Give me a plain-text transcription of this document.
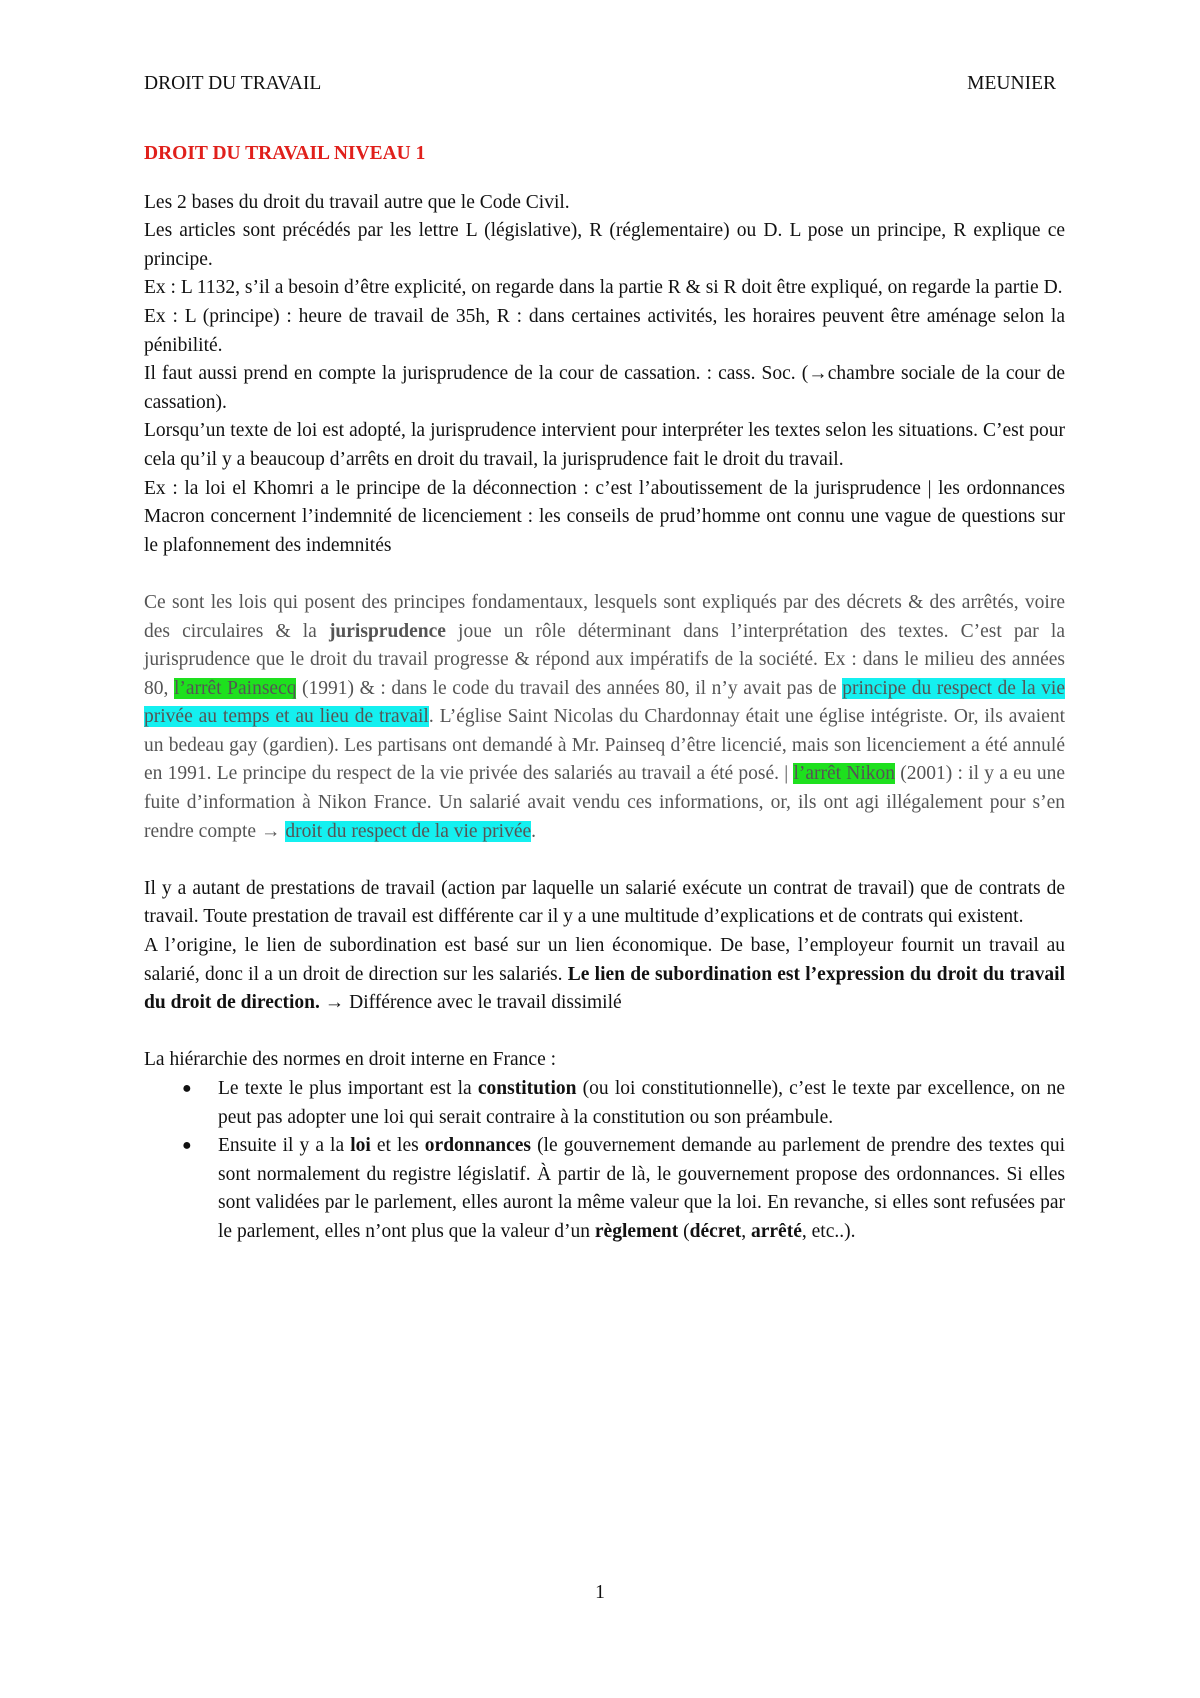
DROIT DU TRAVAIL	MEUNIER
DROIT DU TRAVAIL NIVEAU 1

Les 2 bases du droit du travail autre que le Code Civil.

Les articles sont précédés par les lettre L (législative), R (réglementaire) ou D. L pose un principe, R explique ce principe.

Ex : L 1132, s’il a besoin d’être explicité, on regarde dans la partie R & si R doit être expliqué, on regarde la partie D.

Ex : L (principe) : heure de travail de 35h, R : dans certaines activités, les horaires peuvent être aménage selon la pénibilité.

Il faut aussi prend en compte la jurisprudence de la cour de cassation. : cass. Soc. (→chambre sociale de la cour de cassation).

Lorsqu’un texte de loi est adopté, la jurisprudence intervient pour interpréter les textes selon les situations. C’est pour cela qu’il y a beaucoup d’arrêts en droit du travail, la jurisprudence fait le droit du travail.

Ex : la loi el Khomri a le principe de la déconnection : c’est l’aboutissement de la jurisprudence | les ordonnances Macron concernent l’indemnité de licenciement : les conseils de prud’homme ont connu une vague de questions sur le plafonnement des indemnités

Ce sont les lois qui posent des principes fondamentaux, lesquels sont expliqués par des décrets & des arrêtés, voire des circulaires & la jurisprudence joue un rôle déterminant dans l’interprétation des textes. C’est par la jurisprudence que le droit du travail progresse & répond aux impératifs de la société. Ex : dans le milieu des années 80, l’arrêt Painsecq (1991) & : dans le code du travail des années 80, il n’y avait pas de principe du respect de la vie privée au temps et au lieu de travail. L’église Saint Nicolas du Chardonnay était une église intégriste. Or, ils avaient un bedeau gay (gardien). Les partisans ont demandé à Mr. Painseq d’être licencié, mais son licenciement a été annulé en 1991. Le principe du respect de la vie privée des salariés au travail a été posé. | l’arrêt Nikon (2001) : il y a eu une fuite d’information à Nikon France. Un salarié avait vendu ces informations, or, ils ont agi illégalement pour s’en rendre compte → droit du respect de la vie privée.

Il y a autant de prestations de travail (action par laquelle un salarié exécute un contrat de travail) que de contrats de travail. Toute prestation de travail est différente car il y a une multitude d’explications et de contrats qui existent.

A l’origine, le lien de subordination est basé sur un lien économique. De base, l’employeur fournit un travail au salarié, donc il a un droit de direction sur les salariés. Le lien de subordination est l’expression du droit du travail du droit de direction. → Différence avec le travail dissimilé

La hiérarchie des normes en droit interne en France :

● Le texte le plus important est la constitution (ou loi constitutionnelle), c’est le texte par excellence, on ne peut pas adopter une loi qui serait contraire à la constitution ou son préambule.
● Ensuite il y a la loi et les ordonnances (le gouvernement demande au parlement de prendre des textes qui sont normalement du registre législatif. À partir de là, le gouvernement propose des ordonnances. Si elles sont validées par le parlement, elles auront la même valeur que la loi. En revanche, si elles sont refusées par le parlement, elles n’ont plus que la valeur d’un règlement (décret, arrêté, etc..).
1
